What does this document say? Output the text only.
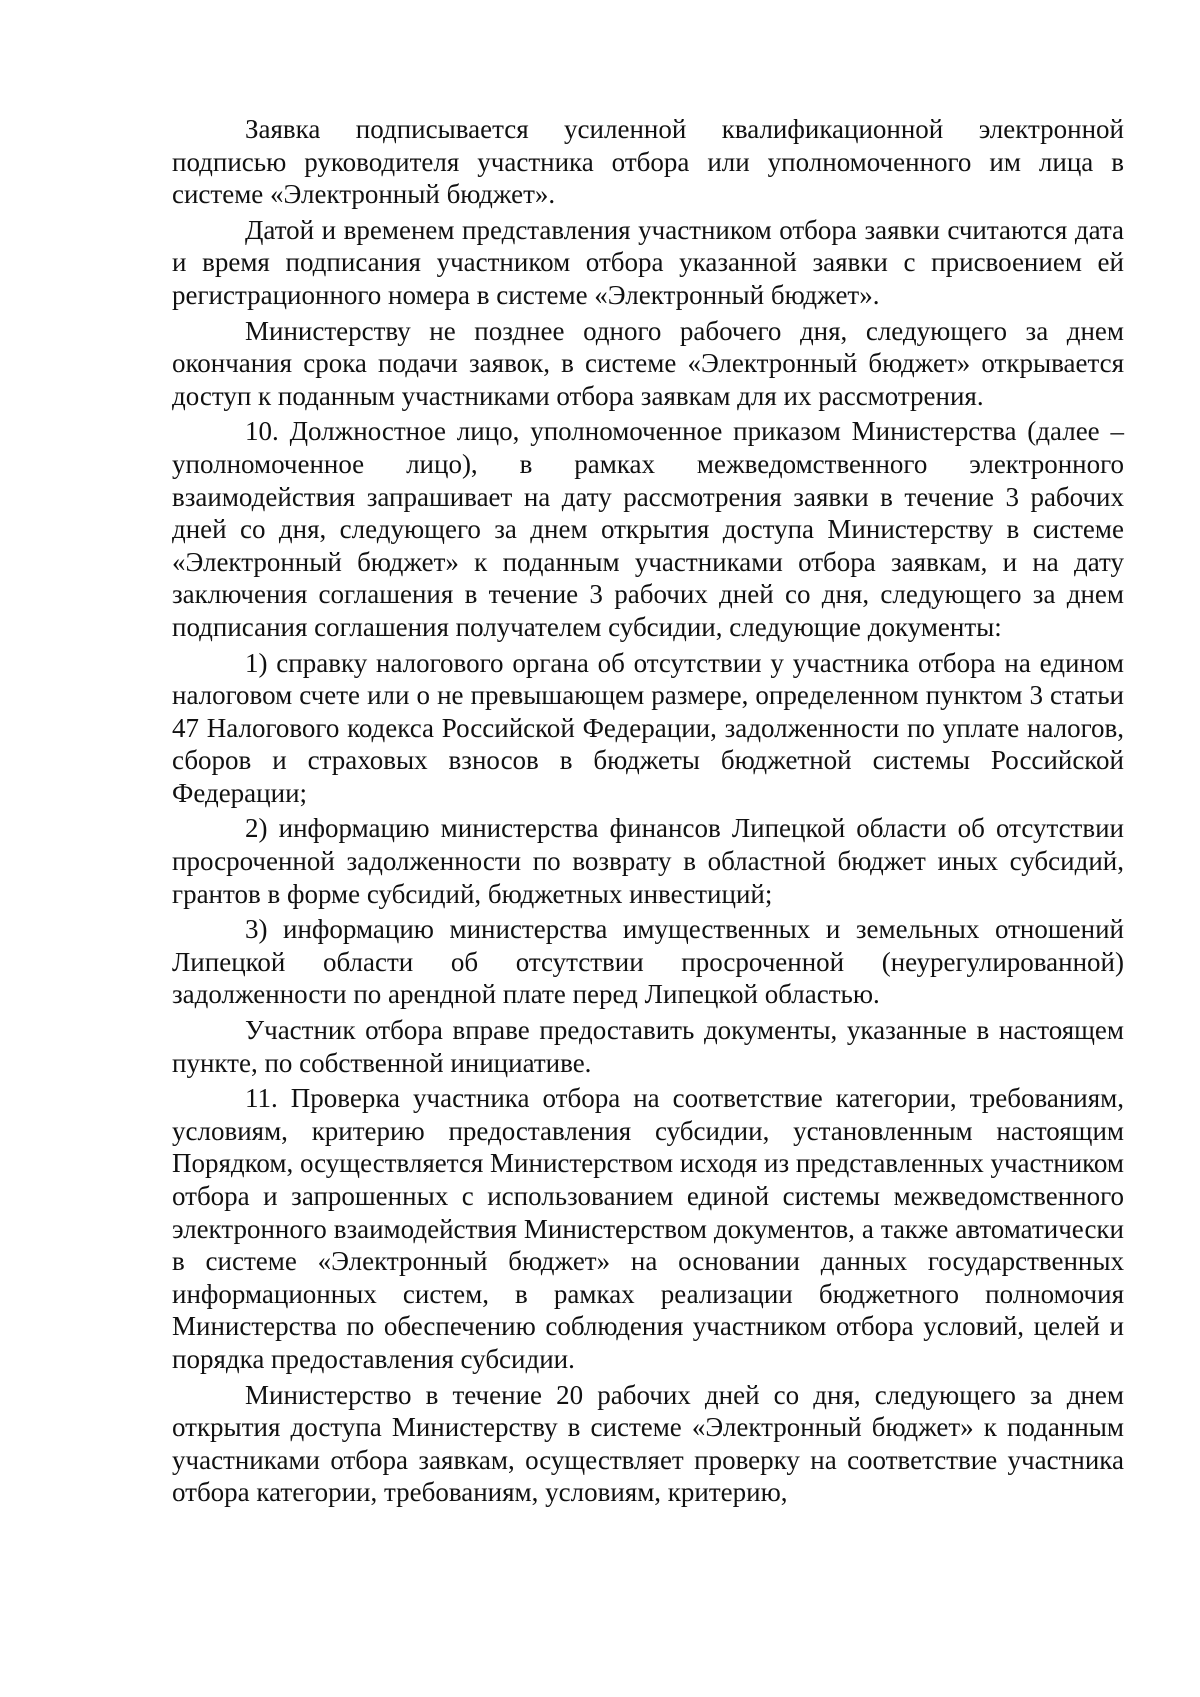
Заявка подписывается усиленной квалификационной электронной подписью руководителя участника отбора или уполномоченного им лица в системе «Электронный бюджет».

Датой и временем представления участником отбора заявки считаются дата и время подписания участником отбора указанной заявки с присвоением ей регистрационного номера в системе «Электронный бюджет».

Министерству не позднее одного рабочего дня, следующего за днем окончания срока подачи заявок, в системе «Электронный бюджет» открывается доступ к поданным участниками отбора заявкам для их рассмотрения.

10. Должностное лицо, уполномоченное приказом Министерства (далее – уполномоченное лицо), в рамках межведомственного электронного взаимодействия запрашивает на дату рассмотрения заявки в течение 3 рабочих дней со дня, следующего за днем открытия доступа Министерству в системе «Электронный бюджет» к поданным участниками отбора заявкам, и на дату заключения соглашения в течение 3 рабочих дней со дня, следующего за днем подписания соглашения получателем субсидии, следующие документы:

1) справку налогового органа об отсутствии у участника отбора на едином налоговом счете или о не превышающем размере, определенном пунктом 3 статьи 47 Налогового кодекса Российской Федерации, задолженности по уплате налогов, сборов и страховых взносов в бюджеты бюджетной системы Российской Федерации;

2) информацию министерства финансов Липецкой области об отсутствии просроченной задолженности по возврату в областной бюджет иных субсидий, грантов в форме субсидий, бюджетных инвестиций;

3) информацию министерства имущественных и земельных отношений Липецкой области об отсутствии просроченной (неурегулированной) задолженности по арендной плате перед Липецкой областью.

Участник отбора вправе предоставить документы, указанные в настоящем пункте, по собственной инициативе.

11. Проверка участника отбора на соответствие категории, требованиям, условиям, критерию предоставления субсидии, установленным настоящим Порядком, осуществляется Министерством исходя из представленных участником отбора и запрошенных с использованием единой системы межведомственного электронного взаимодействия Министерством документов, а также автоматически в системе «Электронный бюджет» на основании данных государственных информационных систем, в рамках реализации бюджетного полномочия Министерства по обеспечению соблюдения участником отбора условий, целей и порядка предоставления субсидии.

Министерство в течение 20 рабочих дней со дня, следующего за днем открытия доступа Министерству в системе «Электронный бюджет» к поданным участниками отбора заявкам, осуществляет проверку на соответствие участника отбора категории, требованиям, условиям, критерию,
